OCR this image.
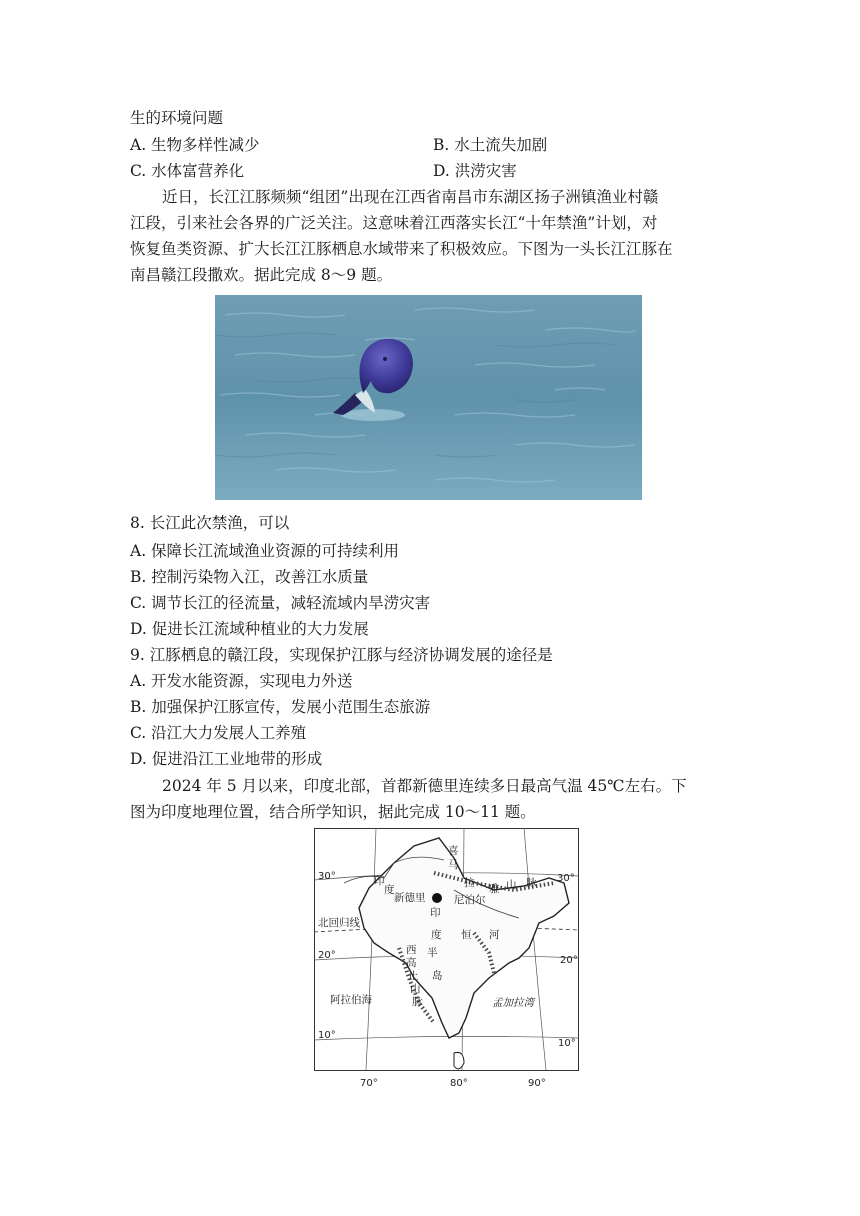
生的环境问题
A. 生物多样性减少	B. 水土流失加剧
C. 水体富营养化	D. 洪涝灾害
近日，长江江豚频频“组团”出现在江西省南昌市东湖区扬子洲镇渔业村赣
江段，引来社会各界的广泛关注。这意味着江西落实长江“十年禁渔”计划，对
恢复鱼类资源、扩大长江江豚栖息水域带来了积极效应。下图为一头长江江豚在
南昌赣江段撒欢。据此完成 8～9 题。
8. 长江此次禁渔，可以
A. 保障长江流域渔业资源的可持续利用
B. 控制污染物入江，改善江水质量
C. 调节长江的径流量，减轻流域内旱涝灾害
D. 促进长江流域种植业的大力发展
9. 江豚栖息的赣江段，实现保护江豚与经济协调发展的途径是
A. 开发水能资源，实现电力外送
B. 加强保护江豚宣传，发展小范围生态旅游
C. 沿江大力发展人工养殖
D. 促进沿江工业地带的形成
2024 年 5 月以来，印度北部，首都新德里连续多日最高气温 45℃左右。下
图为印度地理位置，结合所学知识，据此完成 10～11 题。
新德里
北回归线
阿拉伯海	孟加拉湾
喜
马
拉 雅 山 脉
尼泊尔
印
度
印
度 恒 河
西
高
止
山
脉
半
岛
30°	30°
20°	20°
10°
10°
70°	80°	90°
